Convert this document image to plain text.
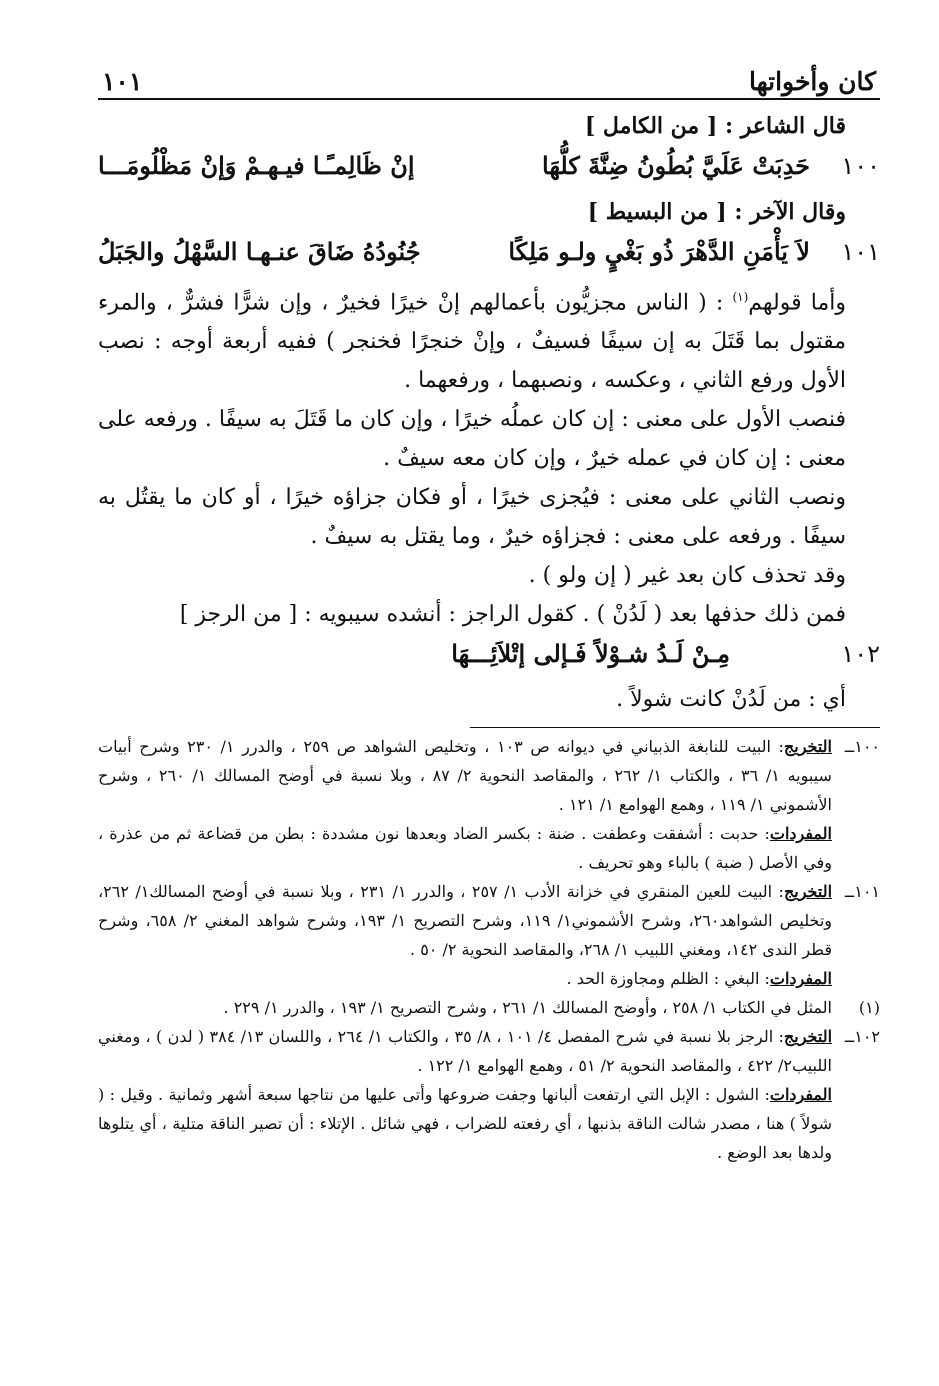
كان وأخواتها
١٠١
قال الشاعر : [ من الكامل ]
١٠٠
حَدِبَتْ عَلَيَّ بُطُونُ ضِنَّةَ كلُّهَا
إنْ ظَالِمـًـا فيـهـمْ وَإنْ مَظْلُومَـــا
وقال الآخر : [ من البسيط ]
١٠١
لاَ يَأْمَنِ الدَّهْرَ ذُو بَغْيٍ ولـو مَلِكًا
جُنُودُهُ ضَاقَ عنـهـا السَّهْلُ والجَبَلُ

وأما قولهم$^{(١)}$ : ( الناس مجزيُّون بأعمالهم إنْ خيرًا فخيرٌ ، وإن شرًّا فشرٌّ ، والمرء مقتول بما قَتَلَ به إن سيفًا فسيفٌ ، وإنْ خنجرًا فخنجر ) ففيه أربعة أوجه : نصب الأول ورفع الثاني ، وعكسه ، ونصبهما ، ورفعهما .

فنصب الأول على معنى : إن كان عملُه خيرًا ، وإن كان ما قَتَلَ به سيفًا . ورفعه على معنى : إن كان في عمله خيرٌ ، وإن كان معه سيفٌ .

ونصب الثاني على معنى : فيُجزى خيرًا ، أو فكان جزاؤه خيرًا ، أو كان ما يقتُل به سيفًا . ورفعه على معنى : فجزاؤه خيرٌ ، وما يقتل به سيفٌ .

وقد تحذف كان بعد غير ( إن ولو ) .

فمن ذلك حذفها بعد ( لَدُنْ ) . كقول الراجز : أنشده سيبويه : [ من الرجز ]

١٠٢
مِـنْ لَـدُ شـوْلاً فَـإلى إتْلاَئِـــهَا

أي : من لَدُنْ كانت شولاً .

١٠٠ــ

التخريج: البيت للنابغة الذبياني في ديوانه ص ١٠٣ ، وتخليص الشواهد ص ٢٥٩ ، والدرر ١/ ٢٣٠ وشرح أبيات سيبويه ١/ ٣٦ ، والكتاب ١/ ٢٦٢ ، والمقاصد النحوية ٢/ ٨٧ ، وبلا نسبة في أوضح المسالك ١/ ٢٦٠ ، وشرح الأشموني ١/ ١١٩ ، وهمع الهوامع ١/ ١٢١ .

المفردات: حدبت : أشفقت وعطفت . ضنة : بكسر الضاد وبعدها نون مشددة : بطن من قضاعة ثم من عذرة ، وفي الأصل ( ضبة ) بالباء وهو تحريف .

١٠١ــ

التخريج: البيت للعين المنقري في خزانة الأدب ١/ ٢٥٧ ، والدرر ١/ ٢٣١ ، وبلا نسبة في أوضح المسالك١/ ٢٦٢، وتخليص الشواهد٢٦٠، وشرح الأشموني١/ ١١٩، وشرح التصريح ١/ ١٩٣، وشرح شواهد المغني ٢/ ٦٥٨، وشرح قطر الندى ١٤٢، ومغني اللبيب ١/ ٢٦٨، والمقاصد النحوية ٢/ ٥٠ .

المفردات: البغي : الظلم ومجاوزة الحد .

(١)

المثل في الكتاب ١/ ٢٥٨ ، وأوضح المسالك ١/ ٢٦١ ، وشرح التصريح ١/ ١٩٣ ، والدرر ١/ ٢٢٩ .

١٠٢ــ

التخريج: الرجز بلا نسبة في شرح المفصل ٤/ ١٠١ ، ٨/ ٣٥ ، والكتاب ١/ ٢٦٤ ، واللسان ١٣/ ٣٨٤ ( لدن ) ، ومغني اللبيب٢/ ٤٢٢ ، والمقاصد النحوية ٢/ ٥١ ، وهمع الهوامع ١/ ١٢٢ .

المفردات: الشول : الإبل التي ارتفعت ألبانها وجفت ضروعها وأتى عليها من نتاجها سبعة أشهر وثمانية . وقيل : ( شولاً ) هنا ، مصدر شالت الناقة بذنبها ، أي رفعته للضراب ، فهي شائل . الإتلاء : أن تصير الناقة متلية ، أي يتلوها ولدها بعد الوضع .
